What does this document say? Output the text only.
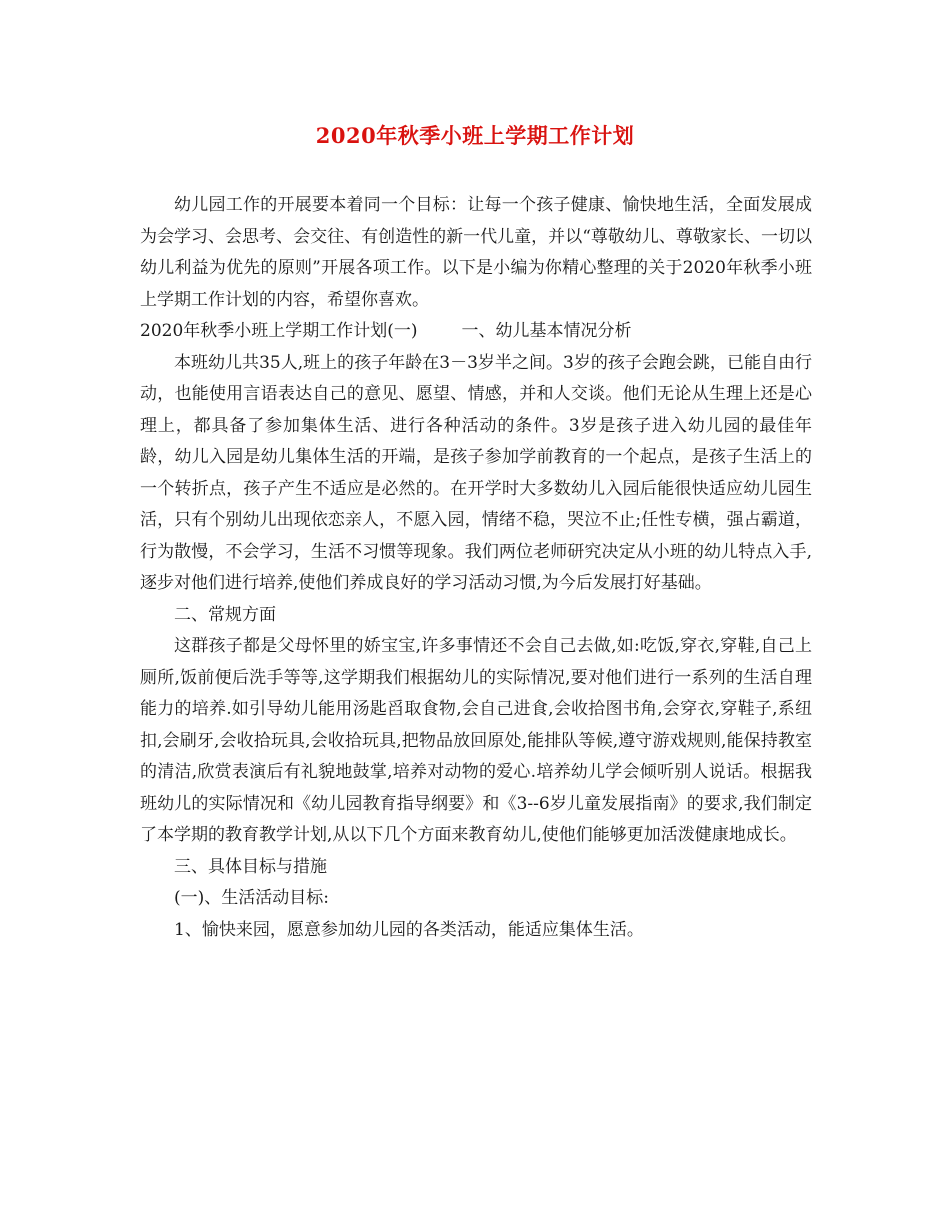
2020年秋季小班上学期工作计划

幼儿园工作的开展要本着同一个目标：让每一个孩子健康、愉快地生活，全面发展成为会学习、会思考、会交往、有创造性的新一代儿童，并以“尊敬幼儿、尊敬家长、一切以幼儿利益为优先的原则”开展各项工作。以下是小编为你精心整理的关于2020年秋季小班上学期工作计划的内容，希望你喜欢。

2020年秋季小班上学期工作计划(一)	一、幼儿基本情况分析

本班幼儿共35人,班上的孩子年龄在3－3岁半之间。3岁的孩子会跑会跳，已能自由行动，也能使用言语表达自己的意见、愿望、情感，并和人交谈。他们无论从生理上还是心理上，都具备了参加集体生活、进行各种活动的条件。3岁是孩子进入幼儿园的最佳年龄，幼儿入园是幼儿集体生活的开端，是孩子参加学前教育的一个起点，是孩子生活上的一个转折点，孩子产生不适应是必然的。在开学时大多数幼儿入园后能很快适应幼儿园生活，只有个别幼儿出现依恋亲人，不愿入园，情绪不稳，哭泣不止;任性专横，强占霸道，行为散慢，不会学习，生活不习惯等现象。我们两位老师研究决定从小班的幼儿特点入手,逐步对他们进行培养,使他们养成良好的学习活动习惯,为今后发展打好基础。

二、常规方面

这群孩子都是父母怀里的娇宝宝,许多事情还不会自己去做,如:吃饭,穿衣,穿鞋,自己上厕所,饭前便后洗手等等,这学期我们根据幼儿的实际情况,要对他们进行一系列的生活自理能力的培养.如引导幼儿能用汤匙舀取食物,会自己进食,会收拾图书角,会穿衣,穿鞋子,系纽扣,会刷牙,会收拾玩具,会收拾玩具,把物品放回原处,能排队等候,遵守游戏规则,能保持教室的清洁,欣赏表演后有礼貌地鼓掌,培养对动物的爱心.培养幼儿学会倾听别人说话。根据我班幼儿的实际情况和《幼儿园教育指导纲要》和《3--6岁儿童发展指南》的要求,我们制定了本学期的教育教学计划,从以下几个方面来教育幼儿,使他们能够更加活泼健康地成长。

三、具体目标与措施

(一)、生活活动目标:

1、愉快来园，愿意参加幼儿园的各类活动，能适应集体生活。
